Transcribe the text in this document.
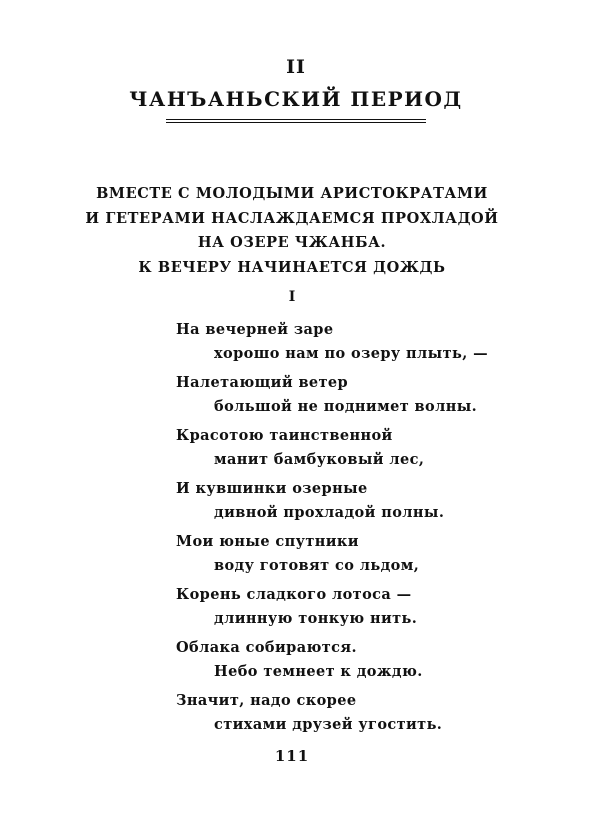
II
ЧАНЪАНЬСКИЙ ПЕРИОД
ВМЕСТЕ С МОЛОДЫМИ АРИСТОКРАТАМИ
И ГЕТЕРАМИ НАСЛАЖДАЕМСЯ ПРОХЛАДОЙ
НА ОЗЕРЕ ЧЖАНБА.
К ВЕЧЕРУ НАЧИНАЕТСЯ ДОЖДЬ
I
На вечерней заре
хорошо нам по озеру плыть, —
Налетающий ветер
большой не поднимет волны.
Красотою таинственной
манит бамбуковый лес,
И кувшинки озерные
дивной прохладой полны.
Мои юные спутники
воду готовят со льдом,
Корень сладкого лотоса —
длинную тонкую нить.
Облака собираются.
Небо темнеет к дождю.
Значит, надо скорее
стихами друзей угостить.
111
